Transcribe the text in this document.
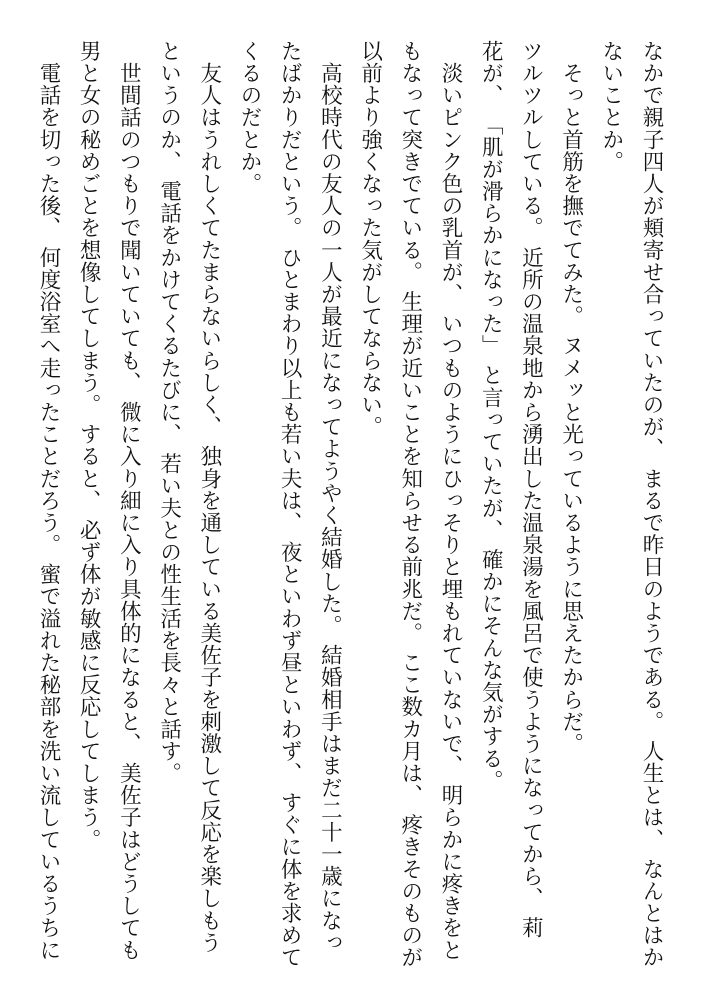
なかで親子四人が頬寄せ合っていたのが、 まるで昨日のようである。 人生とは、 なんとはか
ないことか。
　そっと首筋を撫でてみた。 ヌメッと光っているように思えたからだ。
ツルツルしている。 近所の温泉地から湧出した温泉湯を風呂で使うようになってから、 莉
花が、 「肌が滑らかになった」 と言っていたが、 確かにそんな気がする。
　淡いピンク色の乳首が、 いつものようにひっそりと埋もれていないで、 明らかに疼きをと
もなって突きでている。 生理が近いことを知らせる前兆だ。 ここ数カ月は、 疼きそのものが
以前より強くなった気がしてならない。
　高校時代の友人の一人が最近になってようやく結婚した。 結婚相手はまだ二十一歳になっ
たばかりだという。 ひとまわり以上も若い夫は、 夜といわず昼といわず、 すぐに体を求めて
くるのだとか。
　友人はうれしくてたまらないらしく、 独身を通している美佐子を刺激して反応を楽しもう
というのか、 電話をかけてくるたびに、 若い夫との性生活を長々と話す。
　世間話のつもりで聞いていても、 微に入り細に入り具体的になると、 美佐子はどうしても
男と女の秘めごとを想像してしまう。 すると、 必ず体が敏感に反応してしまう。
　電話を切った後、 何度浴室へ走ったことだろう。 蜜で溢れた秘部を洗い流しているうちに
